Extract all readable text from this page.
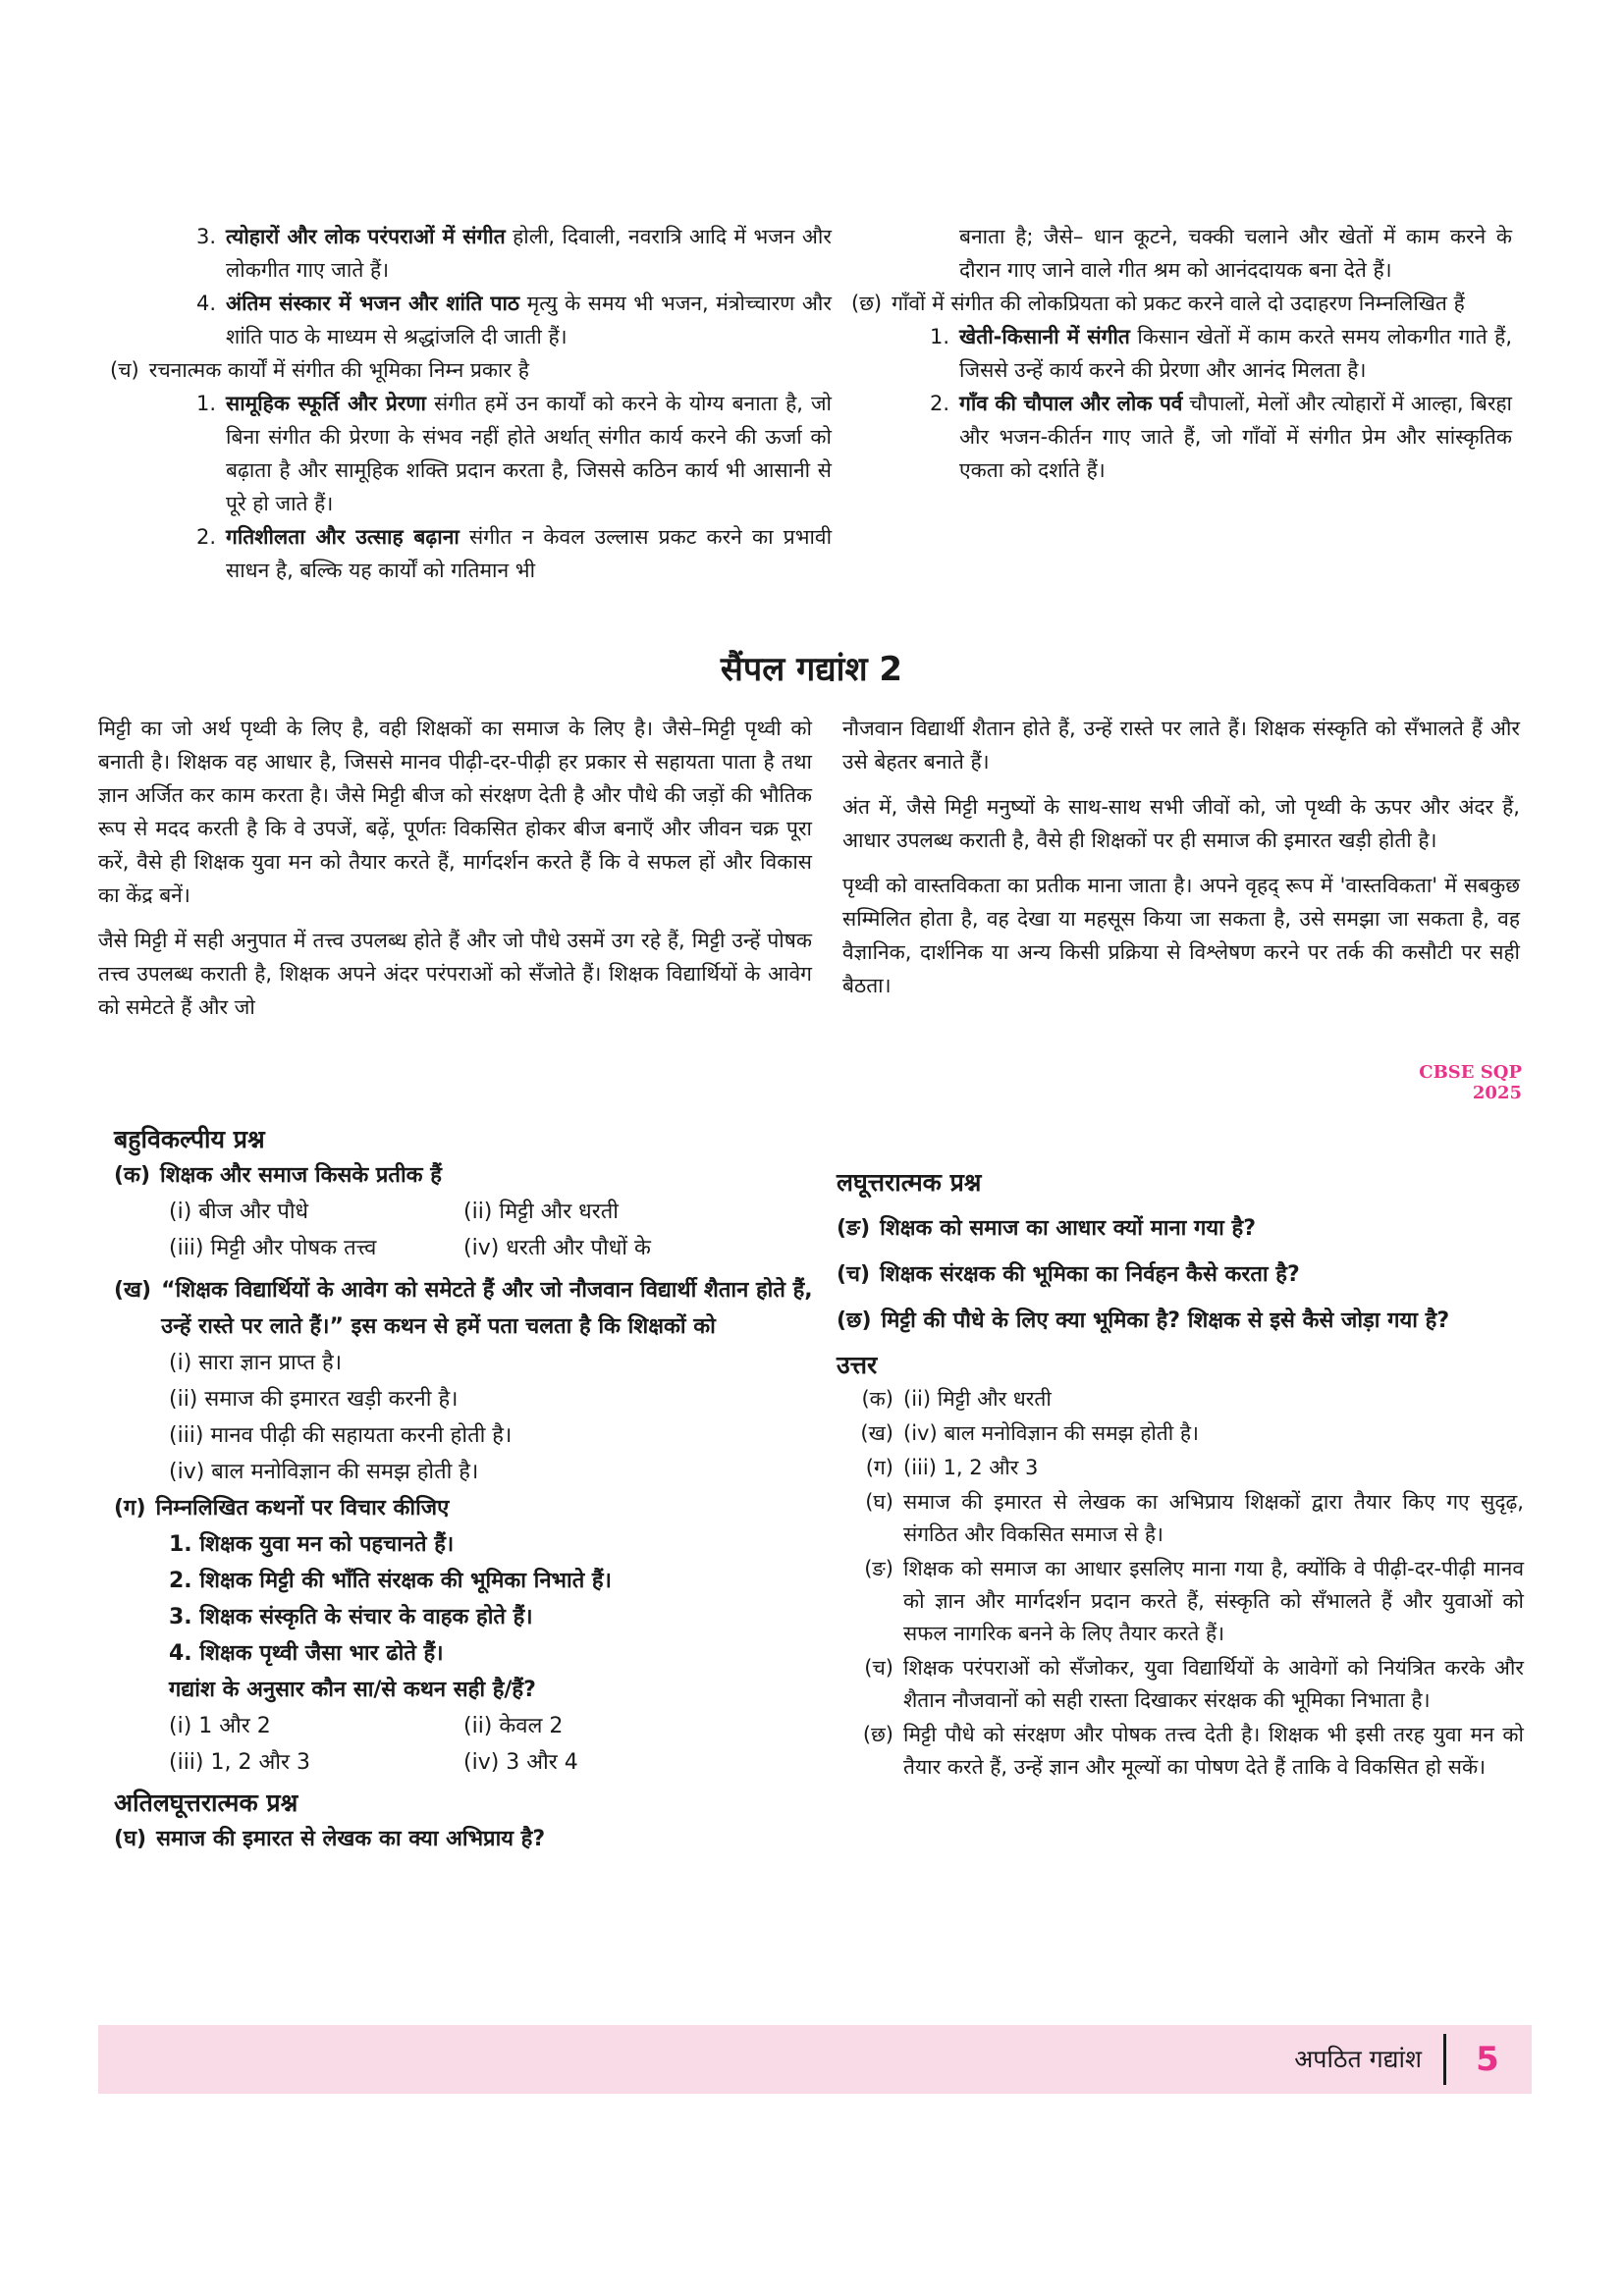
3. त्योहारों और लोक परंपराओं में संगीत होली, दिवाली, नवरात्रि आदि में भजन और लोकगीत गाए जाते हैं।
4. अंतिम संस्कार में भजन और शांति पाठ मृत्यु के समय भी भजन, मंत्रोच्चारण और शांति पाठ के माध्यम से श्रद्धांजलि दी जाती हैं।
(च) रचनात्मक कार्यों में संगीत की भूमिका निम्न प्रकार है
1. सामूहिक स्फूर्ति और प्रेरणा संगीत हमें उन कार्यों को करने के योग्य बनाता है, जो बिना संगीत की प्रेरणा के संभव नहीं होते अर्थात् संगीत कार्य करने की ऊर्जा को बढ़ाता है और सामूहिक शक्ति प्रदान करता है, जिससे कठिन कार्य भी आसानी से पूरे हो जाते हैं।
2. गतिशीलता और उत्साह बढ़ाना संगीत न केवल उल्लास प्रकट करने का प्रभावी साधन है, बल्कि यह कार्यों को गतिमान भी
बनाता है; जैसे– धान कूटने, चक्की चलाने और खेतों में काम करने के दौरान गाए जाने वाले गीत श्रम को आनंददायक बना देते हैं।
(छ) गाँवों में संगीत की लोकप्रियता को प्रकट करने वाले दो उदाहरण निम्नलिखित हैं
1. खेती-किसानी में संगीत किसान खेतों में काम करते समय लोकगीत गाते हैं, जिससे उन्हें कार्य करने की प्रेरणा और आनंद मिलता है।
2. गाँव की चौपाल और लोक पर्व चौपालों, मेलों और त्योहारों में आल्हा, बिरहा और भजन-कीर्तन गाए जाते हैं, जो गाँवों में संगीत प्रेम और सांस्कृतिक एकता को दर्शाते हैं।
सैंपल गद्यांश 2

मिट्टी का जो अर्थ पृथ्वी के लिए है, वही शिक्षकों का समाज के लिए है। जैसे–मिट्टी पृथ्वी को बनाती है। शिक्षक वह आधार है, जिससे मानव पीढ़ी-दर-पीढ़ी हर प्रकार से सहायता पाता है तथा ज्ञान अर्जित कर काम करता है। जैसे मिट्टी बीज को संरक्षण देती है और पौधे की जड़ों की भौतिक रूप से मदद करती है कि वे उपजें, बढ़ें, पूर्णतः विकसित होकर बीज बनाएँ और जीवन चक्र पूरा करें, वैसे ही शिक्षक युवा मन को तैयार करते हैं, मार्गदर्शन करते हैं कि वे सफल हों और विकास का केंद्र बनें।

जैसे मिट्टी में सही अनुपात में तत्त्व उपलब्ध होते हैं और जो पौधे उसमें उग रहे हैं, मिट्टी उन्हें पोषक तत्त्व उपलब्ध कराती है, शिक्षक अपने अंदर परंपराओं को सँजोते हैं। शिक्षक विद्यार्थियों के आवेग को समेटते हैं और जो

नौजवान विद्यार्थी शैतान होते हैं, उन्हें रास्ते पर लाते हैं। शिक्षक संस्कृति को सँभालते हैं और उसे बेहतर बनाते हैं।

अंत में, जैसे मिट्टी मनुष्यों के साथ-साथ सभी जीवों को, जो पृथ्वी के ऊपर और अंदर हैं, आधार उपलब्ध कराती है, वैसे ही शिक्षकों पर ही समाज की इमारत खड़ी होती है।

पृथ्वी को वास्तविकता का प्रतीक माना जाता है। अपने वृहद् रूप में 'वास्तविकता' में सबकुछ सम्मिलित होता है, वह देखा या महसूस किया जा सकता है, उसे समझा जा सकता है, वह वैज्ञानिक, दार्शनिक या अन्य किसी प्रक्रिया से विश्लेषण करने पर तर्क की कसौटी पर सही बैठता।

CBSE SQP 2025
बहुविकल्पीय प्रश्न
(क) शिक्षक और समाज किसके प्रतीक हैं
(i) बीज और पौधे	(ii) मिट्टी और धरती
(iii) मिट्टी और पोषक तत्त्व	(iv) धरती और पौधों के
(ख) “शिक्षक विद्यार्थियों के आवेग को समेटते हैं और जो नौजवान विद्यार्थी शैतान होते हैं, उन्हें रास्ते पर लाते हैं।” इस कथन से हमें पता चलता है कि शिक्षकों को
(i) सारा ज्ञान प्राप्त है।
(ii) समाज की इमारत खड़ी करनी है।
(iii) मानव पीढ़ी की सहायता करनी होती है।
(iv) बाल मनोविज्ञान की समझ होती है।
(ग) निम्नलिखित कथनों पर विचार कीजिए
1. शिक्षक युवा मन को पहचानते हैं।
2. शिक्षक मिट्टी की भाँति संरक्षक की भूमिका निभाते हैं।
3. शिक्षक संस्कृति के संचार के वाहक होते हैं।
4. शिक्षक पृथ्वी जैसा भार ढोते हैं।
गद्यांश के अनुसार कौन सा/से कथन सही है/हैं?
(i) 1 और 2	(ii) केवल 2
(iii) 1, 2 और 3	(iv) 3 और 4
अतिलघूत्तरात्मक प्रश्न
(घ) समाज की इमारत से लेखक का क्या अभिप्राय है?
लघूत्तरात्मक प्रश्न
(ङ) शिक्षक को समाज का आधार क्यों माना गया है?
(च) शिक्षक संरक्षक की भूमिका का निर्वहन कैसे करता है?
(छ) मिट्टी की पौधे के लिए क्या भूमिका है? शिक्षक से इसे कैसे जोड़ा गया है?
उत्तर
(क) (ii) मिट्टी और धरती
(ख) (iv) बाल मनोविज्ञान की समझ होती है।
(ग) (iii) 1, 2 और 3
(घ) समाज की इमारत से लेखक का अभिप्राय शिक्षकों द्वारा तैयार किए गए सुदृढ़, संगठित और विकसित समाज से है।
(ङ) शिक्षक को समाज का आधार इसलिए माना गया है, क्योंकि वे पीढ़ी-दर-पीढ़ी मानव को ज्ञान और मार्गदर्शन प्रदान करते हैं, संस्कृति को सँभालते हैं और युवाओं को सफल नागरिक बनने के लिए तैयार करते हैं।
(च) शिक्षक परंपराओं को सँजोकर, युवा विद्यार्थियों के आवेगों को नियंत्रित करके और शैतान नौजवानों को सही रास्ता दिखाकर संरक्षक की भूमिका निभाता है।
(छ) मिट्टी पौधे को संरक्षण और पोषक तत्त्व देती है। शिक्षक भी इसी तरह युवा मन को तैयार करते हैं, उन्हें ज्ञान और मूल्यों का पोषण देते हैं ताकि वे विकसित हो सकें।
अपठित गद्यांश	5
